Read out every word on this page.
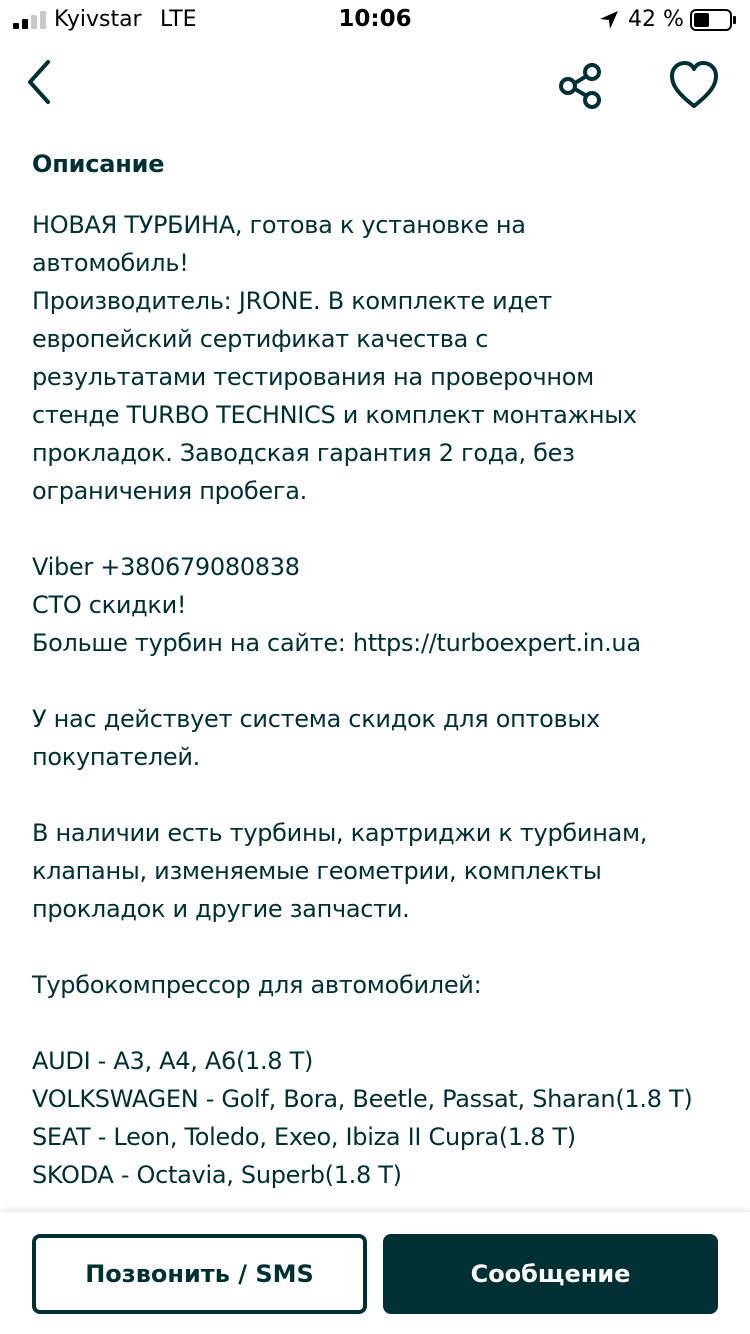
Kyivstar LTE	10:06	42 %
Описание

НОВАЯ ТУРБИНА, готова к установке на
автомобиль!
Производитель: JRONE. В комплекте идет
европейский сертификат качества с
результатами тестирования на проверочном
стенде TURBO TECHNICS и комплект монтажных
прокладок. Заводская гарантия 2 года, без
ограничения пробега.

Viber +380679080838
СТО скидки!
Больше турбин на сайте: https://turboexpert.in.ua

У нас действует система скидок для оптовых
покупателей.

В наличии есть турбины, картриджи к турбинам,
клапаны, изменяемые геометрии, комплекты
прокладок и другие запчасти.

Турбокомпрессор для автомобилей:

AUDI - A3, A4, A6(1.8 T)
VOLKSWAGEN - Golf, Bora, Beetle, Passat, Sharan(1.8 T)
SEAT - Leon, Toledo, Exeo, Ibiza II Cupra(1.8 T)
SKODA - Octavia, Superb(1.8 T)

Позвонить / SMS	Сообщение
